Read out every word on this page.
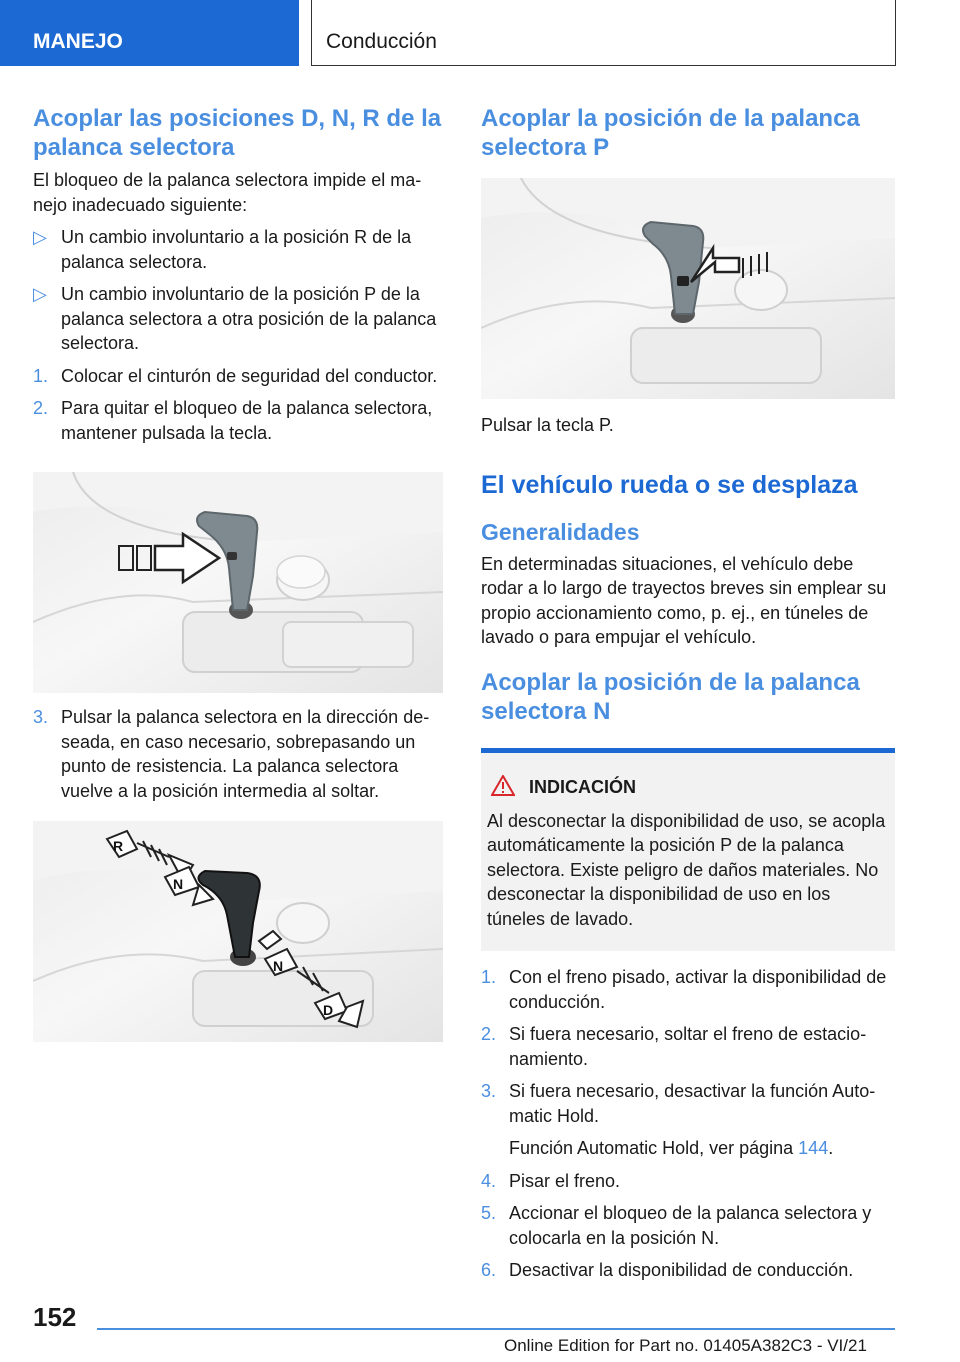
MANEJO	Conducción
Acoplar las posiciones D, N, R de la palanca selectora
El bloqueo de la palanca selectora impide el manejo inadecuado siguiente:
▷ Un cambio involuntario a la posición R de la palanca selectora.
▷ Un cambio involuntario de la posición P de la palanca selectora a otra posición de la palanca selectora.
1. Colocar el cinturón de seguridad del conductor.
2. Para quitar el bloqueo de la palanca selectora, mantener pulsada la tecla.
3. Pulsar la palanca selectora en la dirección deseada, en caso necesario, sobrepasando un punto de resistencia. La palanca selectora vuelve a la posición intermedia al soltar.
R
N
N
D
Acoplar la posición de la palanca selectora P
Pulsar la tecla P.
El vehículo rueda o se desplaza
Generalidades
En determinadas situaciones, el vehículo debe rodar a lo largo de trayectos breves sin emplear su propio accionamiento como, p. ej., en túneles de lavado o para empujar el vehículo.
Acoplar la posición de la palanca selectora N
INDICACIÓN
Al desconectar la disponibilidad de uso, se acopla automáticamente la posición P de la palanca selectora. Existe peligro de daños materiales. No desconectar la disponibilidad de uso en los túneles de lavado.
1. Con el freno pisado, activar la disponibilidad de conducción.
2. Si fuera necesario, soltar el freno de estacionamiento.
3. Si fuera necesario, desactivar la función Automatic Hold.
Función Automatic Hold, ver página 144.
4. Pisar el freno.
5. Accionar el bloqueo de la palanca selectora y colocarla en la posición N.
6. Desactivar la disponibilidad de conducción.
152
Online Edition for Part no. 01405A382C3 - VI/21
